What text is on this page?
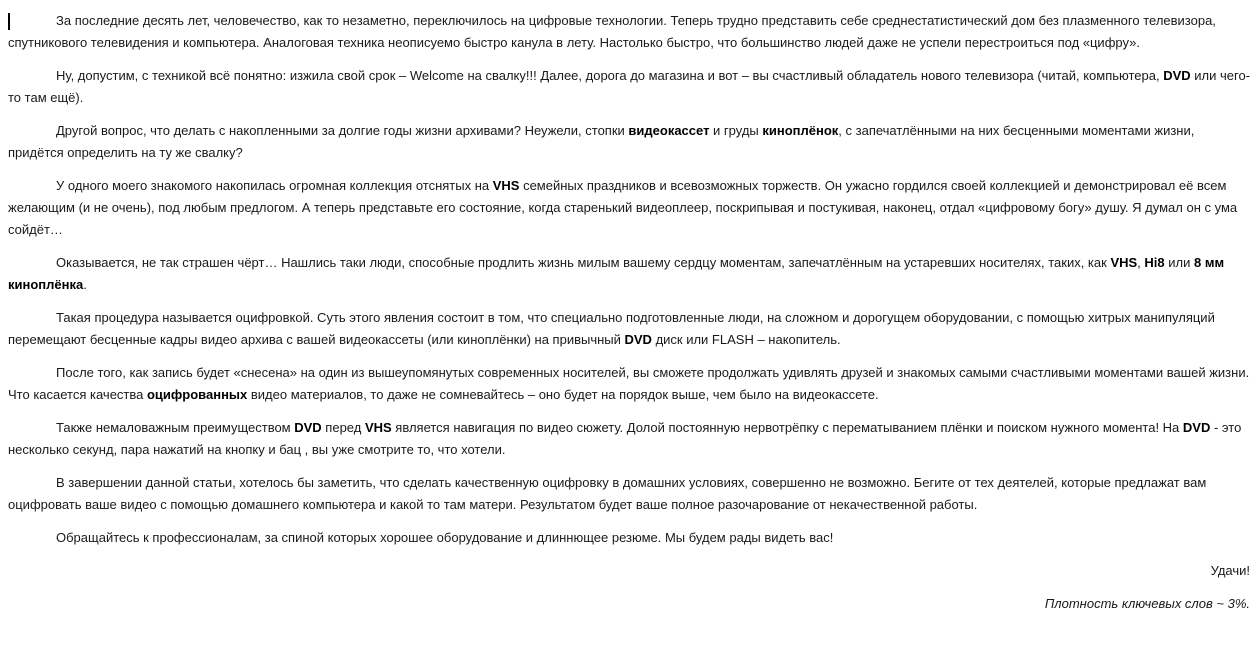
За последние десять лет, человечество, как то незаметно, переключилось на цифровые технологии. Теперь трудно представить себе среднестатистический дом без плазменного телевизора, спутникового телевидения и компьютера. Аналоговая техника неописуемо быстро канула в лету. Настолько быстро, что большинство людей даже не успели перестроиться под «цифру».

Ну, допустим, с техникой всё понятно: изжила свой срок – Welcome на свалку!!! Далее, дорога до магазина и вот – вы счастливый обладатель нового телевизора (читай, компьютера, DVD или чего-то там ещё).

Другой вопрос, что делать с накопленными за долгие годы жизни архивами? Неужели, стопки видеокассет и груды киноплёнок, с запечатлёнными на них бесценными моментами жизни, придётся определить на ту же свалку?

У одного моего знакомого накопилась огромная коллекция отснятых на VHS семейных праздников и всевозможных торжеств. Он ужасно гордился своей коллекцией и демонстрировал её всем желающим (и не очень), под любым предлогом. А теперь представьте его состояние, когда старенький видеоплеер, поскрипывая и постукивая, наконец, отдал «цифровому богу» душу. Я думал он с ума сойдёт…

Оказывается, не так страшен чёрт… Нашлись таки люди, способные продлить жизнь милым вашему сердцу моментам, запечатлённым на устаревших носителях, таких, как VHS, Hi8 или 8 мм киноплёнка.

Такая процедура называется оцифровкой. Суть этого явления состоит в том, что специально подготовленные люди, на сложном и дорогущем оборудовании, с помощью хитрых манипуляций перемещают бесценные кадры видео архива с вашей видеокассеты (или киноплёнки) на привычный DVD диск или FLASH – накопитель.

После того, как запись будет «снесена» на один из вышеупомянутых современных носителей, вы сможете продолжать удивлять друзей и знакомых самыми счастливыми моментами вашей жизни. Что касается качества оцифрованных видео материалов, то даже не сомневайтесь – оно будет на порядок выше, чем было на видеокассете.

Также немаловажным преимуществом DVD перед VHS является навигация по видео сюжету. Долой постоянную нервотрёпку с перематыванием плёнки и поиском нужного момента! На DVD - это несколько секунд, пара нажатий на кнопку и бац , вы уже смотрите то, что хотели.

В завершении данной статьи, хотелось бы заметить, что сделать качественную оцифровку в домашних условиях, совершенно не возможно. Бегите от тех деятелей, которые предлажат вам оцифровать ваше видео с помощью домашнего компьютера и какой то там матери. Результатом будет ваше полное разочарование от некачественной работы.

Обращайтесь к профессионалам, за спиной которых хорошее оборудование и длиннющее резюме. Мы будем рады видеть вас!

Удачи!

Плотность ключевых слов ~ 3%.
